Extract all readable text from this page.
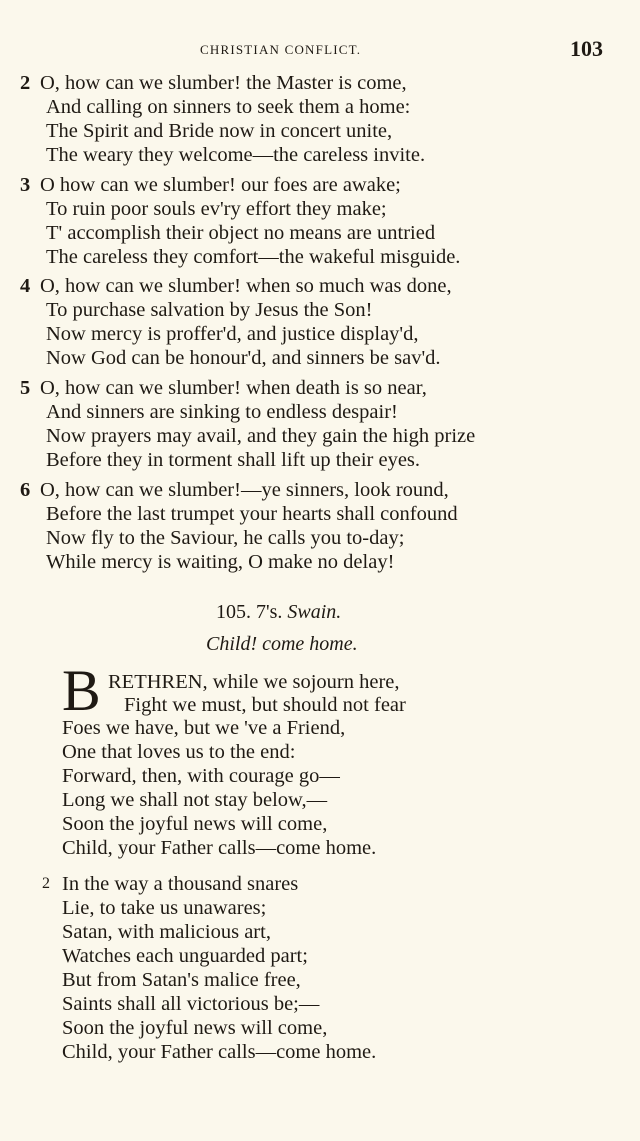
CHRISTIAN CONFLICT.	103
2 O, how can we slumber! the Master is come,
And calling on sinners to seek them a home:
The Spirit and Bride now in concert unite,
The weary they welcome—the careless invite.
3 O how can we slumber! our foes are awake;
To ruin poor souls ev'ry effort they make;
T' accomplish their object no means are untried
The careless they comfort—the wakeful misguide.
4 O, how can we slumber! when so much was done,
To purchase salvation by Jesus the Son!
Now mercy is proffer'd, and justice display'd,
Now God can be honour'd, and sinners be sav'd.
5 O, how can we slumber! when death is so near,
And sinners are sinking to endless despair!
Now prayers may avail, and they gain the high prize
Before they in torment shall lift up their eyes.
6 O, how can we slumber!—ye sinners, look round,
Before the last trumpet your hearts shall confound
Now fly to the Saviour, he calls you to-day;
While mercy is waiting, O make no delay!
105. 7's. Swain.
Child! come home.
B RETHREN, while we sojourn here,
Fight we must, but should not fear
Foes we have, but we 've a Friend,
One that loves us to the end:
Forward, then, with courage go—
Long we shall not stay below,—
Soon the joyful news will come,
Child, your Father calls—come home.
2 In the way a thousand snares
Lie, to take us unawares;
Satan, with malicious art,
Watches each unguarded part;
But from Satan's malice free,
Saints shall all victorious be;—
Soon the joyful news will come,
Child, your Father calls—come home.
